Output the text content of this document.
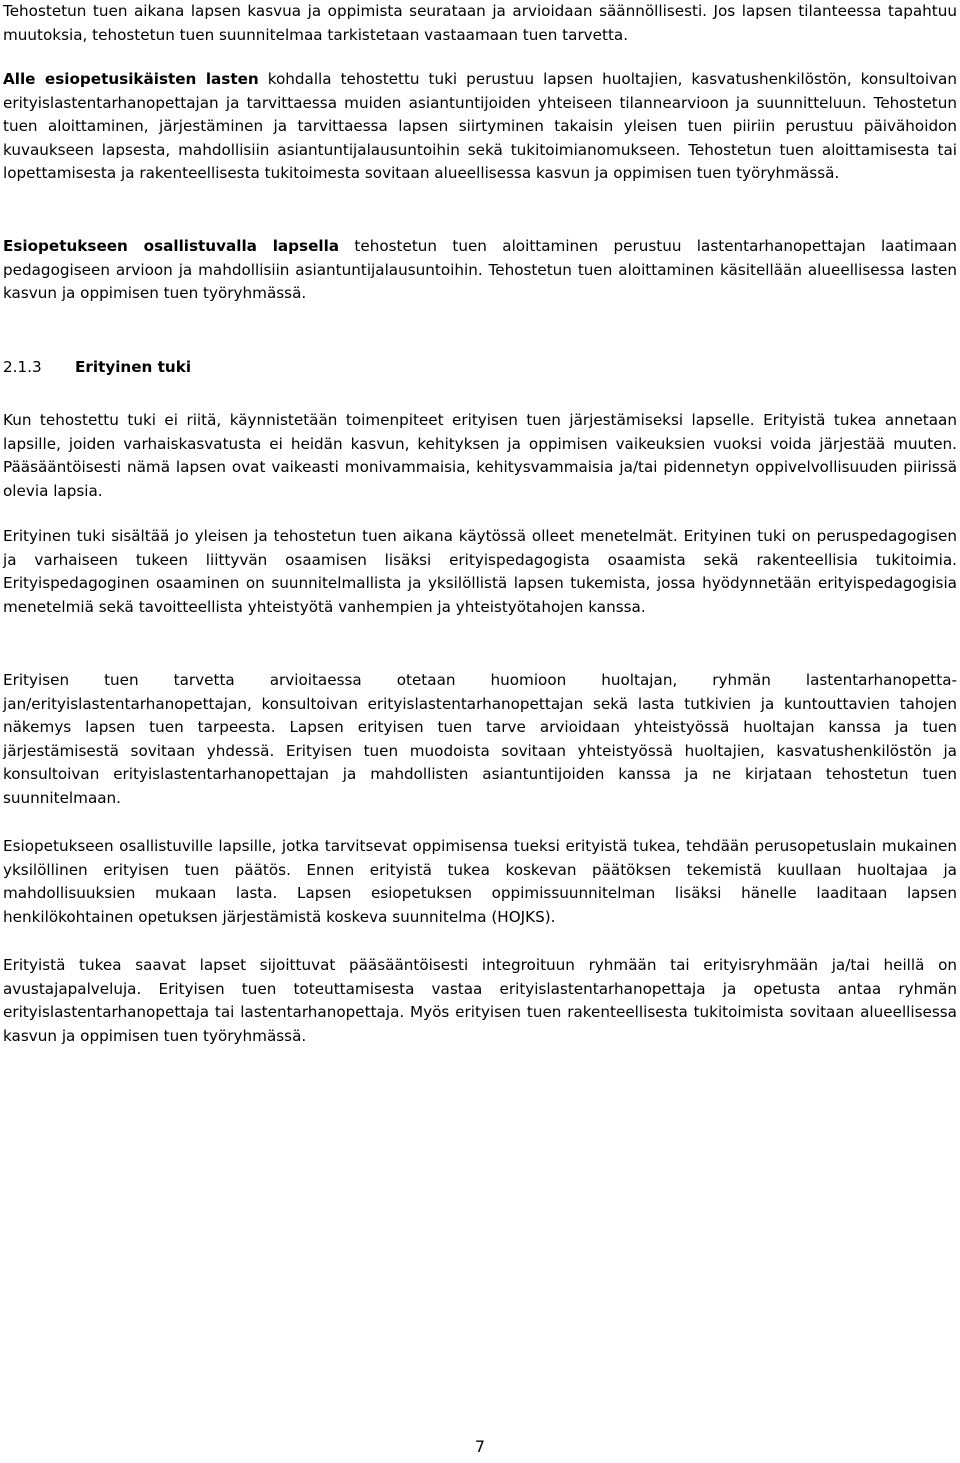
Tehostetun tuen aikana lapsen kasvua ja oppimista seurataan ja arvioidaan säännöllisesti. Jos lapsen tilanteessa tapahtuu muutoksia, tehostetun tuen suunnitelmaa tarkistetaan vastaamaan tuen tarvetta.

Alle esiopetusikäisten lasten kohdalla tehostettu tuki perustuu lapsen huoltajien, kasvatushenkilöstön, konsultoivan erityislastentarhanopettajan ja tarvittaessa muiden asiantuntijoiden yhteiseen tilannearvioon ja suunnitteluun. Tehostetun tuen aloittaminen, järjestäminen ja tarvittaessa lapsen siirtyminen takaisin yleisen tuen piiriin perustuu päivähoidon kuvaukseen lapsesta, mahdollisiin asiantuntijalausuntoihin sekä tukitoimianomukseen. Tehostetun tuen aloittamisesta tai lopettamisesta ja rakenteellisesta tukitoimesta sovitaan alueellisessa kasvun ja oppimisen tuen työryhmässä.

Esiopetukseen osallistuvalla lapsella tehostetun tuen aloittaminen perustuu lastentarhanopettajan laatimaan pedagogiseen arvioon ja mahdollisiin asiantuntijalausuntoihin. Tehostetun tuen aloittaminen käsitellään alueellisessa lasten kasvun ja oppimisen tuen työryhmässä.

2.1.3 Erityinen tuki

Kun tehostettu tuki ei riitä, käynnistetään toimenpiteet erityisen tuen järjestämiseksi lapselle. Erityistä tukea annetaan lapsille, joiden varhaiskasvatusta ei heidän kasvun, kehityksen ja oppimisen vaikeuksien vuoksi voida järjestää muuten. Pääsääntöisesti nämä lapsen ovat vaikeasti monivammaisia, kehitysvammaisia ja/tai pidennetyn oppivelvollisuuden piirissä olevia lapsia.

Erityinen tuki sisältää jo yleisen ja tehostetun tuen aikana käytössä olleet menetelmät. Erityinen tuki on peruspedagogisen ja varhaiseen tukeen liittyvän osaamisen lisäksi erityispedagogista osaamista sekä rakenteellisia tukitoimia. Erityispedagoginen osaaminen on suunnitelmallista ja yksilöllistä lapsen tukemista, jossa hyödynnetään erityispedagogisia menetelmiä sekä tavoitteellista yhteistyötä vanhempien ja yhteistyötahojen kanssa.

Erityisen tuen tarvetta arvioitaessa otetaan huomioon huoltajan, ryhmän lastentarhanopettajan/erityislastentarhanopettajan, konsultoivan erityislastentarhanopettajan sekä lasta tutkivien ja kuntouttavien tahojen näkemys lapsen tuen tarpeesta. Lapsen erityisen tuen tarve arvioidaan yhteistyössä huoltajan kanssa ja tuen järjestämisestä sovitaan yhdessä. Erityisen tuen muodoista sovitaan yhteistyössä huoltajien, kasvatushenkilöstön ja konsultoivan erityislastentarhanopettajan ja mahdollisten asiantuntijoiden kanssa ja ne kirjataan tehostetun tuen suunnitelmaan.

Esiopetukseen osallistuville lapsille, jotka tarvitsevat oppimisensa tueksi erityistä tukea, tehdään perusopetuslain mukainen yksilöllinen erityisen tuen päätös. Ennen erityistä tukea koskevan päätöksen tekemistä kuullaan huoltajaa ja mahdollisuuksien mukaan lasta. Lapsen esiopetuksen oppimissuunnitelman lisäksi hänelle laaditaan lapsen henkilökohtainen opetuksen järjestämistä koskeva suunnitelma (HOJKS).

Erityistä tukea saavat lapset sijoittuvat pääsääntöisesti integroituun ryhmään tai erityisryhmään ja/tai heillä on avustajapalveluja. Erityisen tuen toteuttamisesta vastaa erityislastentarhanopettaja ja opetusta antaa ryhmän erityislastentarhanopettaja tai lastentarhanopettaja. Myös erityisen tuen rakenteellisesta tukitoimista sovitaan alueellisessa kasvun ja oppimisen tuen työryhmässä.

7
